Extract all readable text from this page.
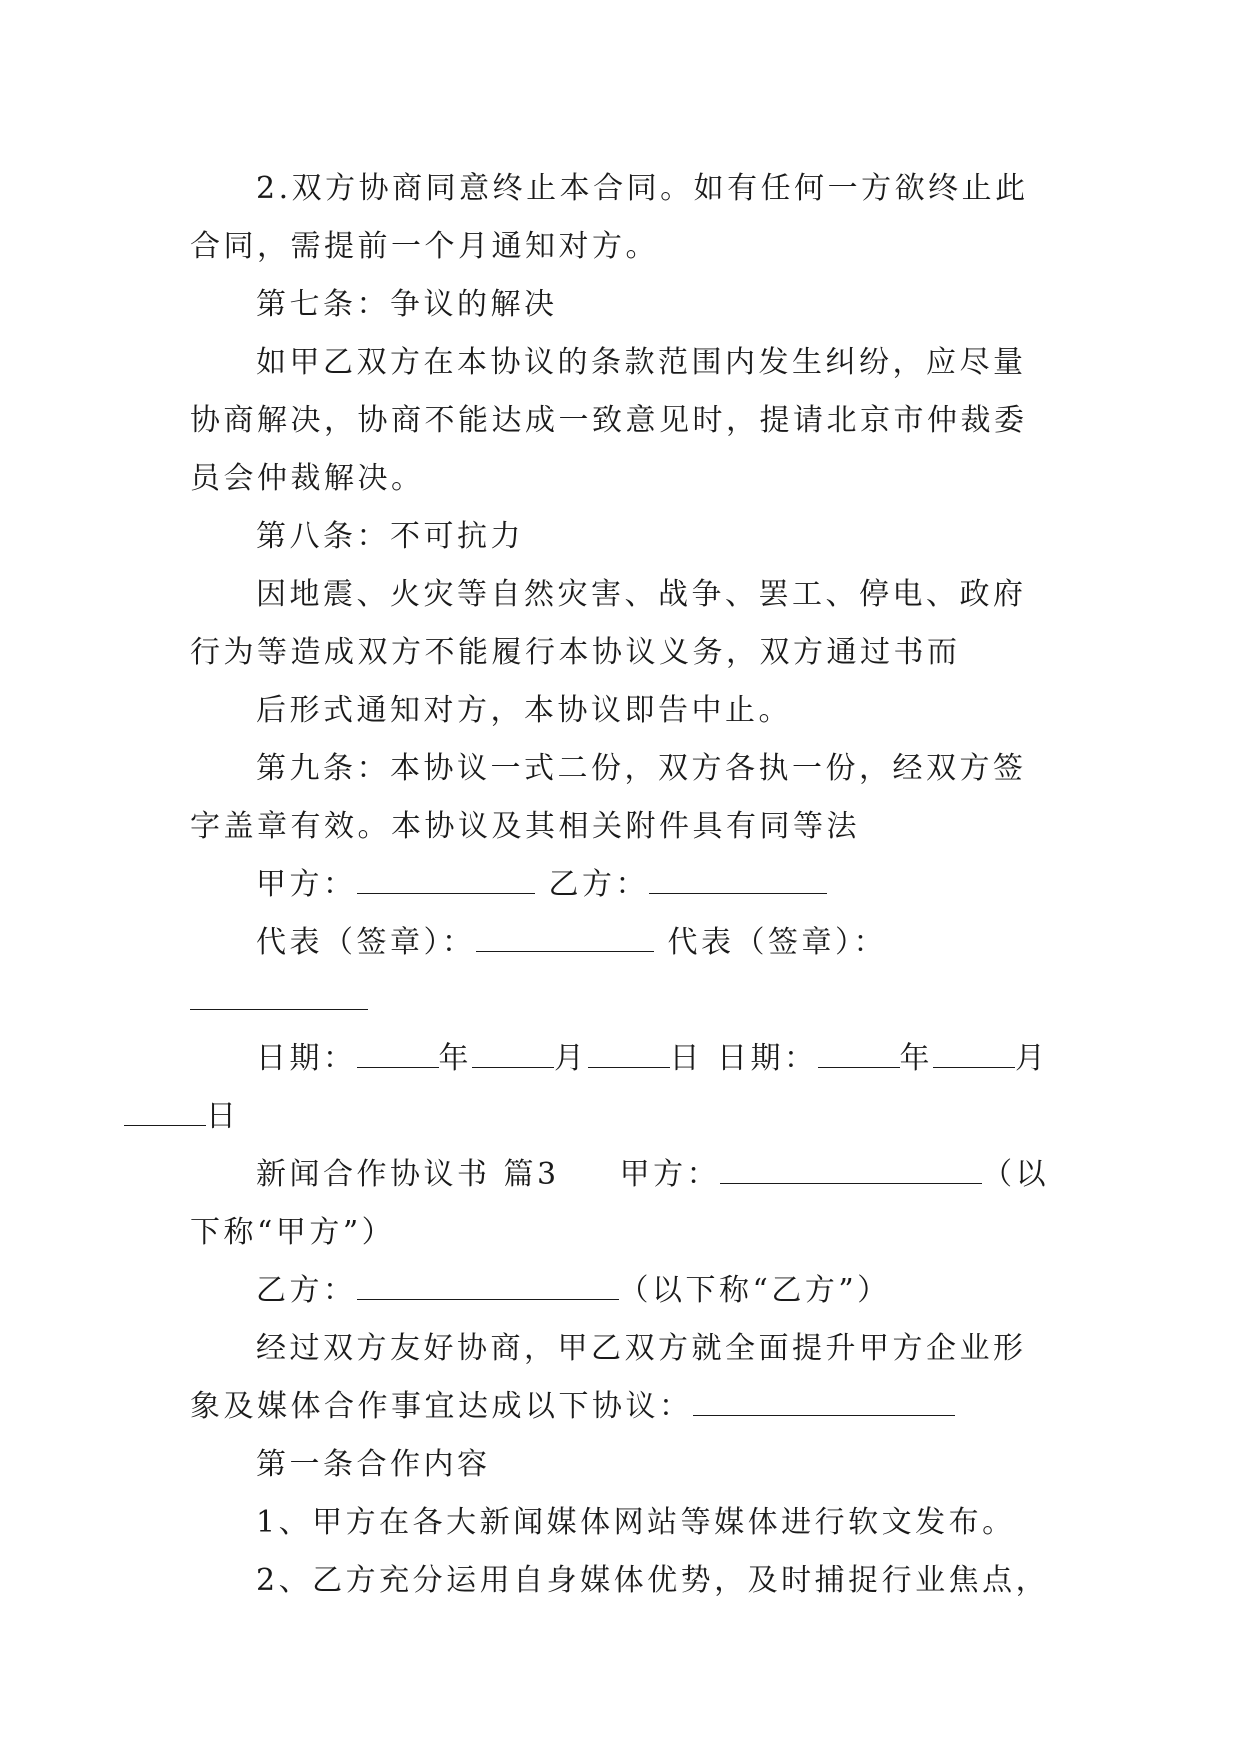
2.双方协商同意终止本合同。如有任何一方欲终止此合同，需提前一个月通知对方。

第七条：争议的解决

如甲乙双方在本协议的条款范围内发生纠纷，应尽量协商解决，协商不能达成一致意见时，提请北京市仲裁委员会仲裁解决。

第八条：不可抗力

因地震、火灾等自然灾害、战争、罢工、停电、政府行为等造成双方不能履行本协议义务，双方通过书而

后形式通知对方，本协议即告中止。

第九条：本协议一式二份，双方各执一份，经双方签字盖章有效。本协议及其相关附件具有同等法

甲方：	乙方：

代表（签章）：	代表（签章）：

日期：	年	月	日 日期：	年	月
日

新闻合作协议书 篇3 甲方：	（以下称“甲方”）

乙方：	（以下称“乙方”）

经过双方友好协商，甲乙双方就全面提升甲方企业形象及媒体合作事宜达成以下协议：

第一条合作内容

1、甲方在各大新闻媒体网站等媒体进行软文发布。

2、乙方充分运用自身媒体优势，及时捕捉行业焦点，
